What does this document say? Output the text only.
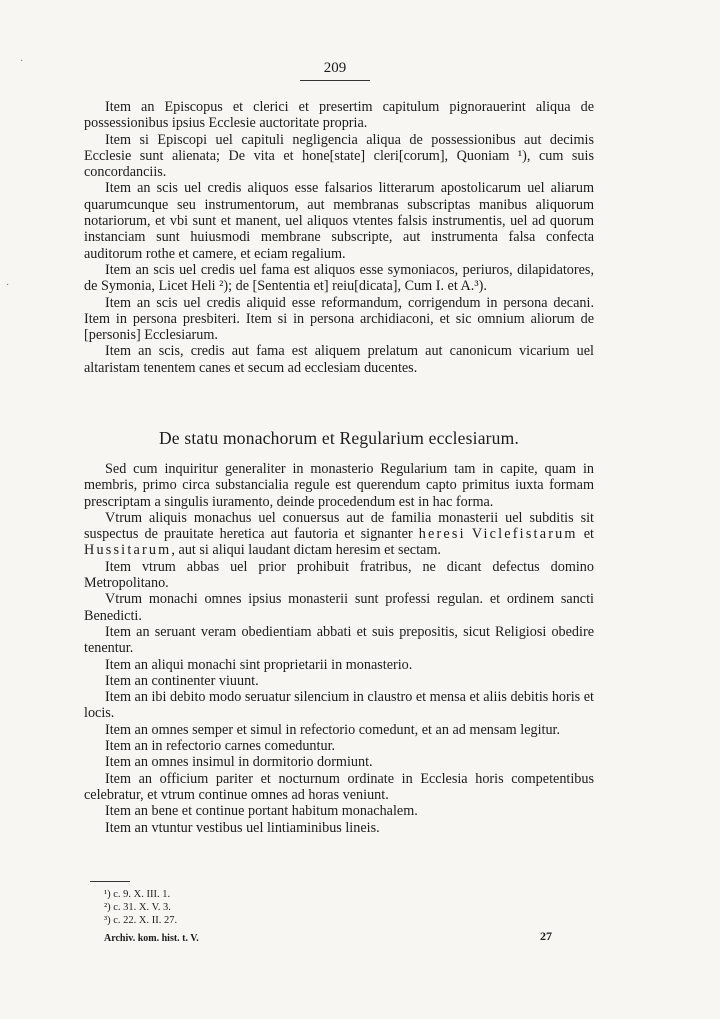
209

Item an Episcopus et clerici et presertim capitulum pignorauerint aliqua de possessionibus ipsius Ecclesie auctoritate propria.

Item si Episcopi uel capituli negligencia aliqua de possessionibus aut decimis Ecclesie sunt alienata; De vita et hone[state] cleri[corum], Quoniam ¹), cum suis concordanciis.

Item an scis uel credis aliquos esse falsarios litterarum apostolicarum uel aliarum quarumcunque seu instrumentorum, aut membranas subscriptas manibus aliquorum notariorum, et vbi sunt et manent, uel aliquos vtentes falsis instrumentis, uel ad quorum instanciam sunt huiusmodi membrane subscripte, aut instrumenta falsa confecta auditorum rothe et camere, et eciam regalium.

Item an scis uel credis uel fama est aliquos esse symoniacos, periuros, dilapidatores, de Symonia, Licet Heli ²); de [Sententia et] reiu[dicata], Cum I. et A.³).

Item an scis uel credis aliquid esse reformandum, corrigendum in persona decani. Item in persona presbiteri. Item si in persona archidiaconi, et sic omnium aliorum de [personis] Ecclesiarum.

Item an scis, credis aut fama est aliquem prelatum aut canonicum vicarium uel altaristam tenentem canes et secum ad ecclesiam ducentes.

De statu monachorum et Regularium ecclesiarum.

Sed cum inquiritur generaliter in monasterio Regularium tam in capite, quam in membris, primo circa substancialia regule est querendum capto primitus iuxta formam prescriptam a singulis iuramento, deinde procedendum est in hac forma.

Vtrum aliquis monachus uel conuersus aut de familia monasterii uel subditis sit suspectus de prauitate heretica aut fautoria et signanter heresi Viclefistarum et Hussitarum, aut si aliqui laudant dictam heresim et sectam.

Item vtrum abbas uel prior prohibuit fratribus, ne dicant defectus domino Metropolitano.

Vtrum monachi omnes ipsius monasterii sunt professi regulan. et ordinem sancti Benedicti.

Item an seruant veram obedientiam abbati et suis prepositis, sicut Religiosi obedire tenentur.

Item an aliqui monachi sint proprietarii in monasterio.

Item an continenter viuunt.

Item an ibi debito modo seruatur silencium in claustro et mensa et aliis debitis horis et locis.

Item an omnes semper et simul in refectorio comedunt, et an ad mensam legitur.

Item an in refectorio carnes comeduntur.

Item an omnes insimul in dormitorio dormiunt.

Item an officium pariter et nocturnum ordinate in Ecclesia horis competentibus celebratur, et vtrum continue omnes ad horas veniunt.

Item an bene et continue portant habitum monachalem.

Item an vtuntur vestibus uel lintiaminibus lineis.

¹) c. 9. X. III. 1.
²) c. 31. X. V. 3.
³) c. 22. X. II. 27.
Archiv. kom. hist. t. V.	27
·
·
